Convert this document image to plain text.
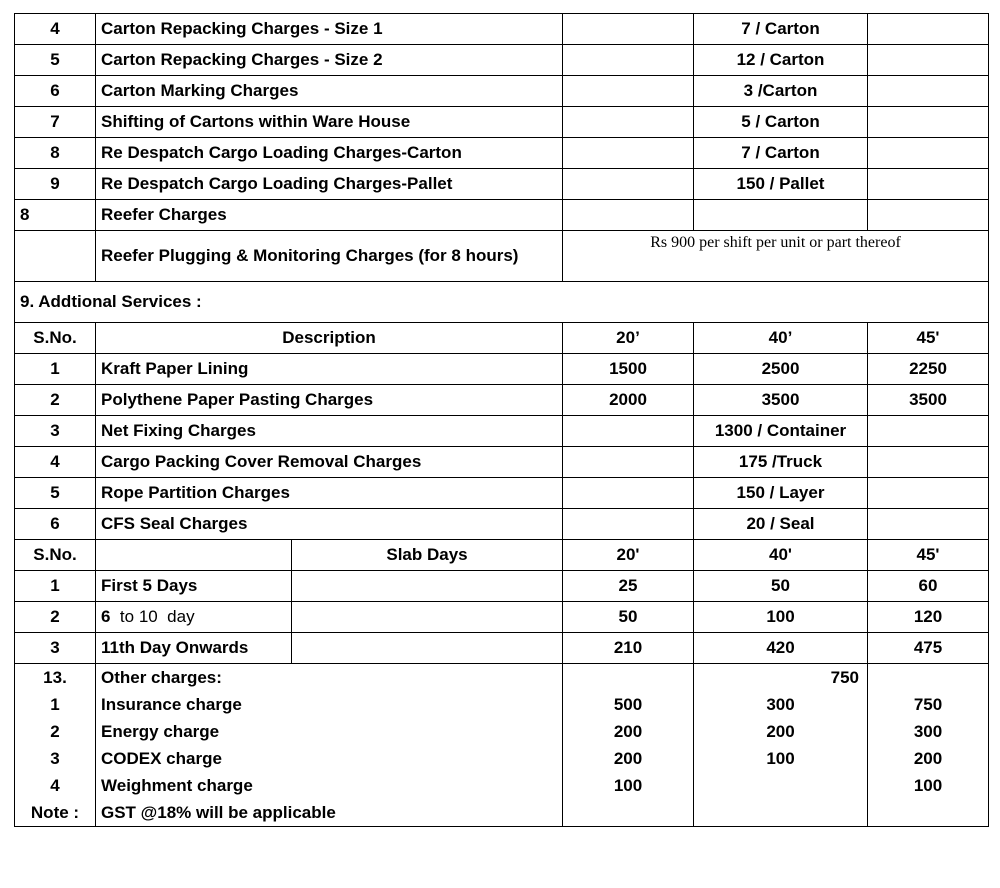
4	Carton Repacking Charges - Size 1			7 / Carton	
5	Carton Repacking Charges - Size 2			12 / Carton	
6	Carton Marking Charges			3 /Carton	
7	Shifting of Cartons within Ware House			5 / Carton	
8	Re Despatch Cargo Loading Charges-Carton			7 / Carton	
9	Re Despatch Cargo Loading Charges-Pallet			150 / Pallet	
8	Reefer Charges				
	Reefer Plugging & Monitoring Charges (for 8 hours)		Rs 900 per shift per unit or part thereof		
9. Addtional Services :					
S.No.	Description		20’	40’	45'
1	Kraft Paper Lining		1500	2500	2250
2	Polythene Paper Pasting Charges		2000	3500	3500
3	Net Fixing Charges			1300 / Container	
4	Cargo Packing Cover Removal Charges			175 /Truck	
5	Rope Partition Charges			150 / Layer	
6	CFS Seal Charges			20 / Seal	
S.No.		Slab Days	20'	40'	45'
1	First 5 Days		25	50	60
2	6  to 10  day		50	100	120
3	11th Day Onwards		210	420	475
13.	Other charges:			750	
1	Insurance charge		500	300	750
2	Energy charge		200	200	300
3	CODEX charge		200	100	200
4	Weighment charge		100		100
Note :	GST @18% will be applicable				
